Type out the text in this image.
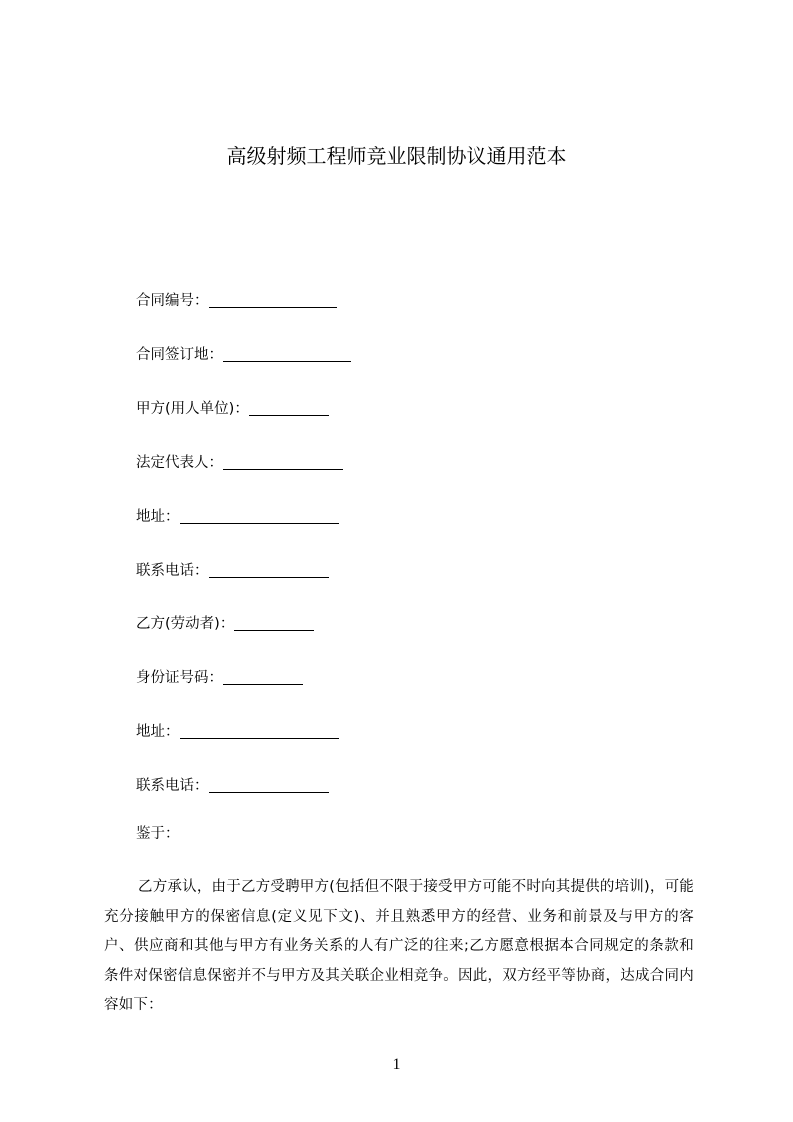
高级射频工程师竞业限制协议通用范本
合同编号：
合同签订地：
甲方(用人单位)：
法定代表人：
地址：
联系电话：
乙方(劳动者)：
身份证号码：
地址：
联系电话：
鉴于：
乙方承认，由于乙方受聘甲方(包括但不限于接受甲方可能不时向其提供的培训)，可能充分接触甲方的保密信息(定义见下文)、并且熟悉甲方的经营、业务和前景及与甲方的客户、供应商和其他与甲方有业务关系的人有广泛的往来;乙方愿意根据本合同规定的条款和条件对保密信息保密并不与甲方及其关联企业相竞争。因此，双方经平等协商，达成合同内容如下：
1
